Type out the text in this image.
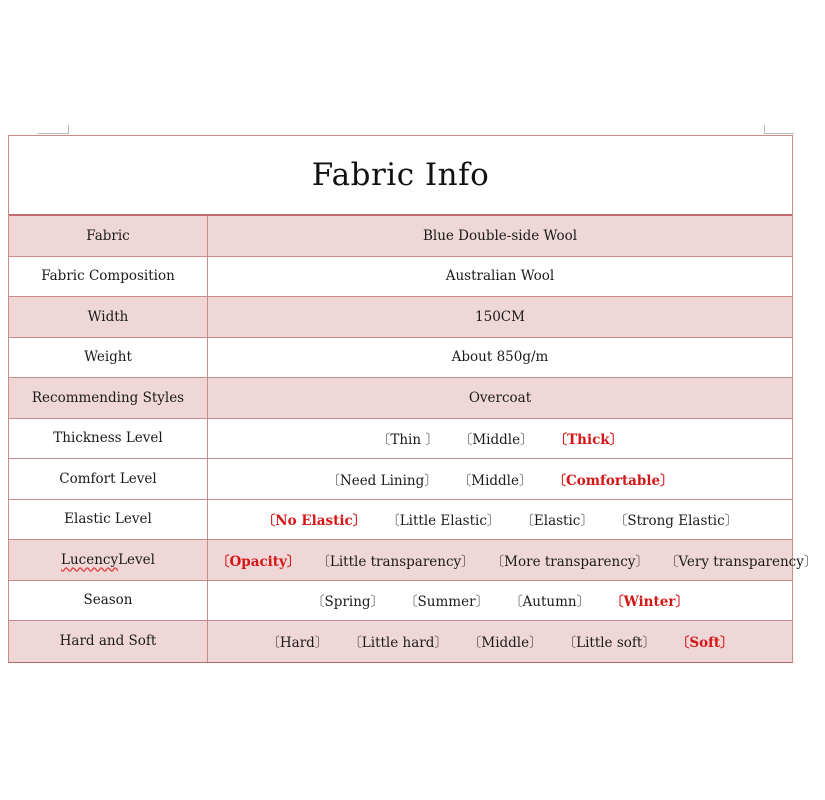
Fabric Info
Fabric	Blue Double-side Wool
Fabric Composition	Australian Wool
Width	150CM
Weight	About 850g/m
Recommending Styles	Overcoat
Thickness Level	〔Thin 〕 〔Middle〕 〔Thick〕
Comfort Level	〔Need Lining〕 〔Middle〕 〔Comfortable〕
Elastic Level	〔No Elastic〕 〔Little Elastic〕 〔Elastic〕 〔Strong Elastic〕
Lucency Level	〔Opacity〕 〔Little transparency〕 〔More transparency〕 〔Very transparency〕
Season	〔Spring〕 〔Summer〕 〔Autumn〕 〔Winter〕
Hard and Soft	〔Hard〕 〔Little hard〕 〔Middle〕 〔Little soft〕 〔Soft〕
